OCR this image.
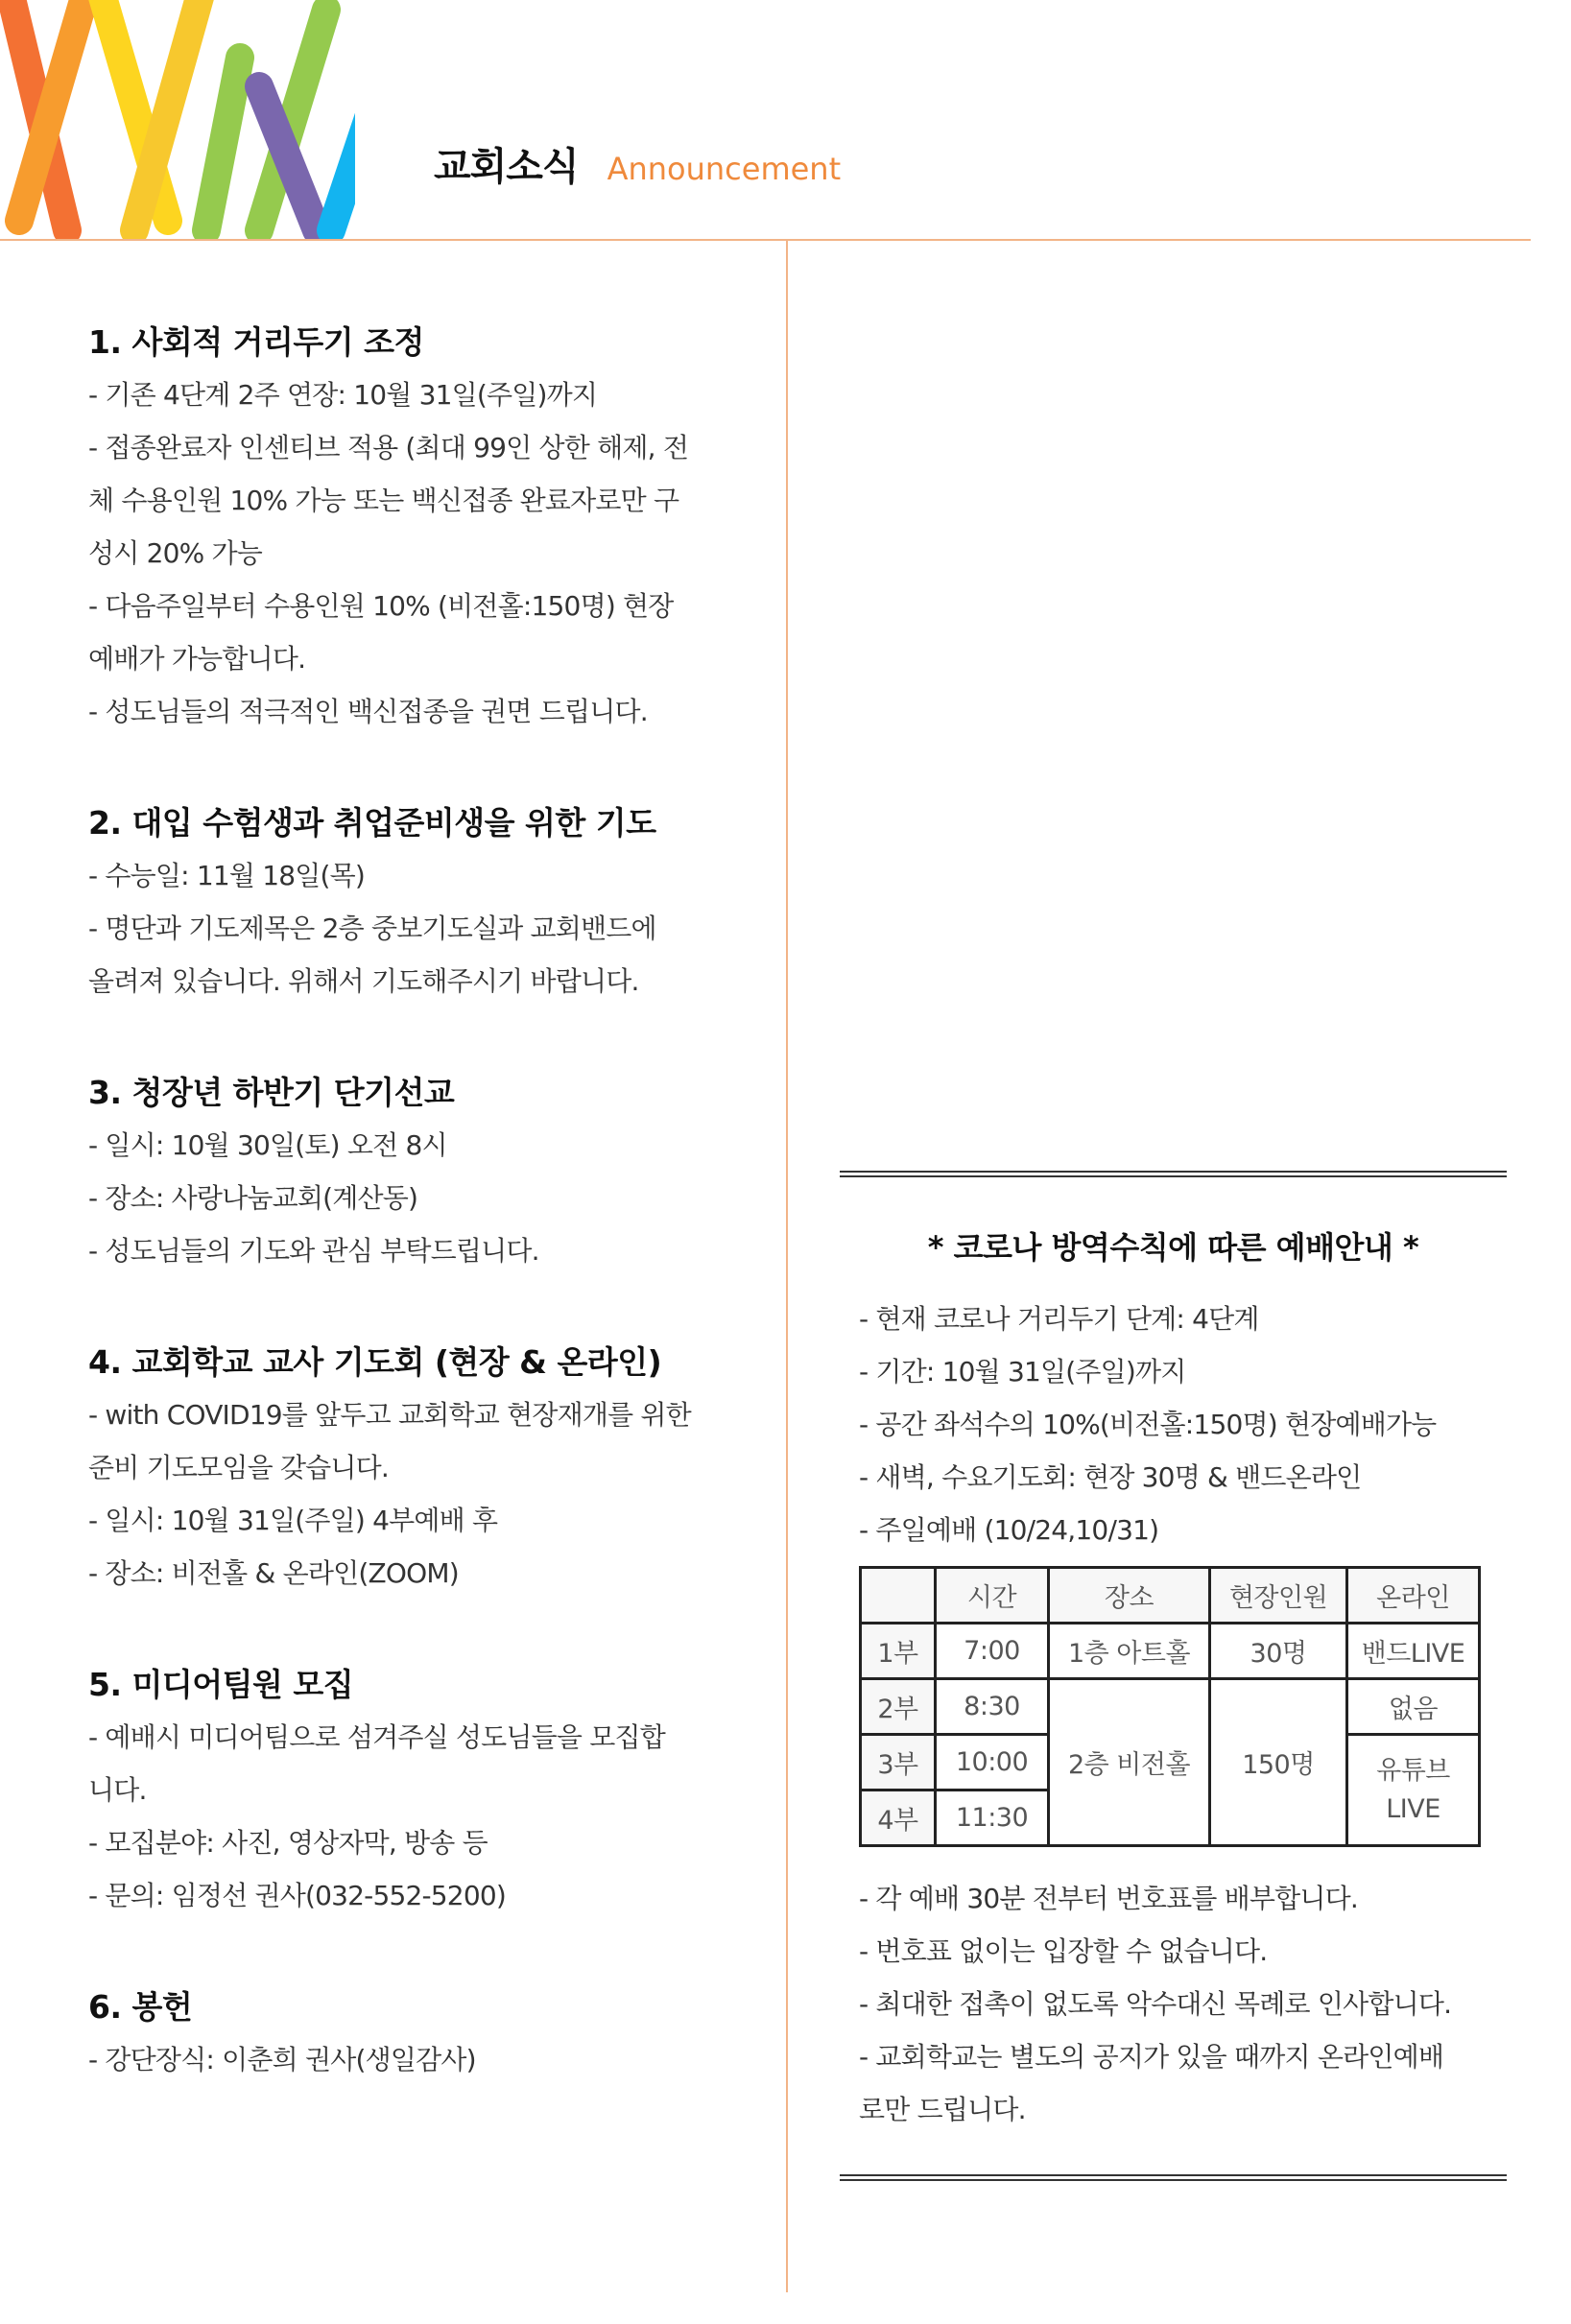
교회소식 Announcement
1. 사회적 거리두기 조정
- 기존 4단계 2주 연장: 10월 31일(주일)까지
- 접종완료자 인센티브 적용 (최대 99인 상한 해제, 전
체 수용인원 10% 가능 또는 백신접종 완료자로만 구
성시 20% 가능
- 다음주일부터 수용인원 10% (비전홀:150명) 현장
예배가 가능합니다.
- 성도님들의 적극적인 백신접종을 권면 드립니다.
2. 대입 수험생과 취업준비생을 위한 기도
- 수능일: 11월 18일(목)
- 명단과 기도제목은 2층 중보기도실과 교회밴드에
올려져 있습니다. 위해서 기도해주시기 바랍니다.
3. 청장년 하반기 단기선교
- 일시: 10월 30일(토) 오전 8시
- 장소: 사랑나눔교회(계산동)
- 성도님들의 기도와 관심 부탁드립니다.
4. 교회학교 교사 기도회 (현장 & 온라인)
- with COVID19를 앞두고 교회학교 현장재개를 위한
준비 기도모임을 갖습니다.
- 일시: 10월 31일(주일) 4부예배 후
- 장소: 비전홀 & 온라인(ZOOM)
5. 미디어팀원 모집
- 예배시 미디어팀으로 섬겨주실 성도님들을 모집합
니다.
- 모집분야: 사진, 영상자막, 방송 등
- 문의: 임정선 권사(032-552-5200)
6. 봉헌
- 강단장식: 이춘희 권사(생일감사)
* 코로나 방역수칙에 따른 예배안내 *
- 현재 코로나 거리두기 단계: 4단계
- 기간: 10월 31일(주일)까지
- 공간 좌석수의 10%(비전홀:150명) 현장예배가능
- 새벽, 수요기도회: 현장 30명 & 밴드온라인
- 주일예배 (10/24,10/31)
	시간	장소	현장인원	온라인
1부	7:00	1층 아트홀	30명	밴드LIVE
2부	8:30	2층 비전홀	150명	없음
3부	10:00			유튜브 LIVE
4부	11:30			
- 각 예배 30분 전부터 번호표를 배부합니다.
- 번호표 없이는 입장할 수 없습니다.
- 최대한 접촉이 없도록 악수대신 목례로 인사합니다.
- 교회학교는 별도의 공지가 있을 때까지 온라인예배
로만 드립니다.
